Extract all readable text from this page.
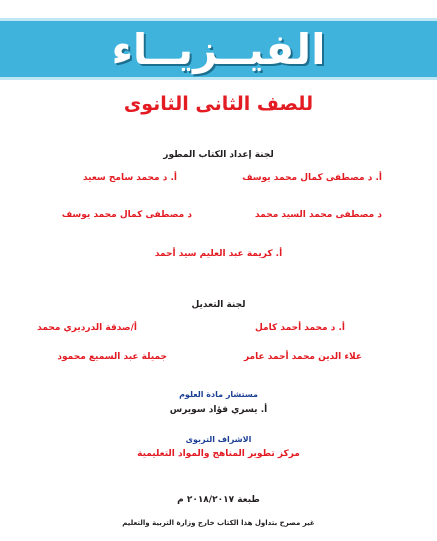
الفيــزيــاء
للصف الثانى الثانوى
لجنة إعداد الكتاب المطور
أ. د مصطفى كمال محمد يوسف
أ. د محمد سامح سعيد
د مصطفى محمد السيد محمد
د مصطفى كمال محمد يوسف
أ. كريمة عبد العليم سيد أحمد
لجنة التعديل
أ. د محمد أحمد كامل
أ/صدقة الدرديري محمد
علاء الدين محمد أحمد عامر
جميلة عبد السميع محمود
مستشار مادة العلوم
أ. يسري فؤاد سويرس
الاشراف التربوى
مركز تطوير المناهج والمواد التعليمية
طبعة ٢٠١٨/٢٠١٧ م
غير مصرح بتداول هذا الكتاب خارج وزارة التربية والتعليم
